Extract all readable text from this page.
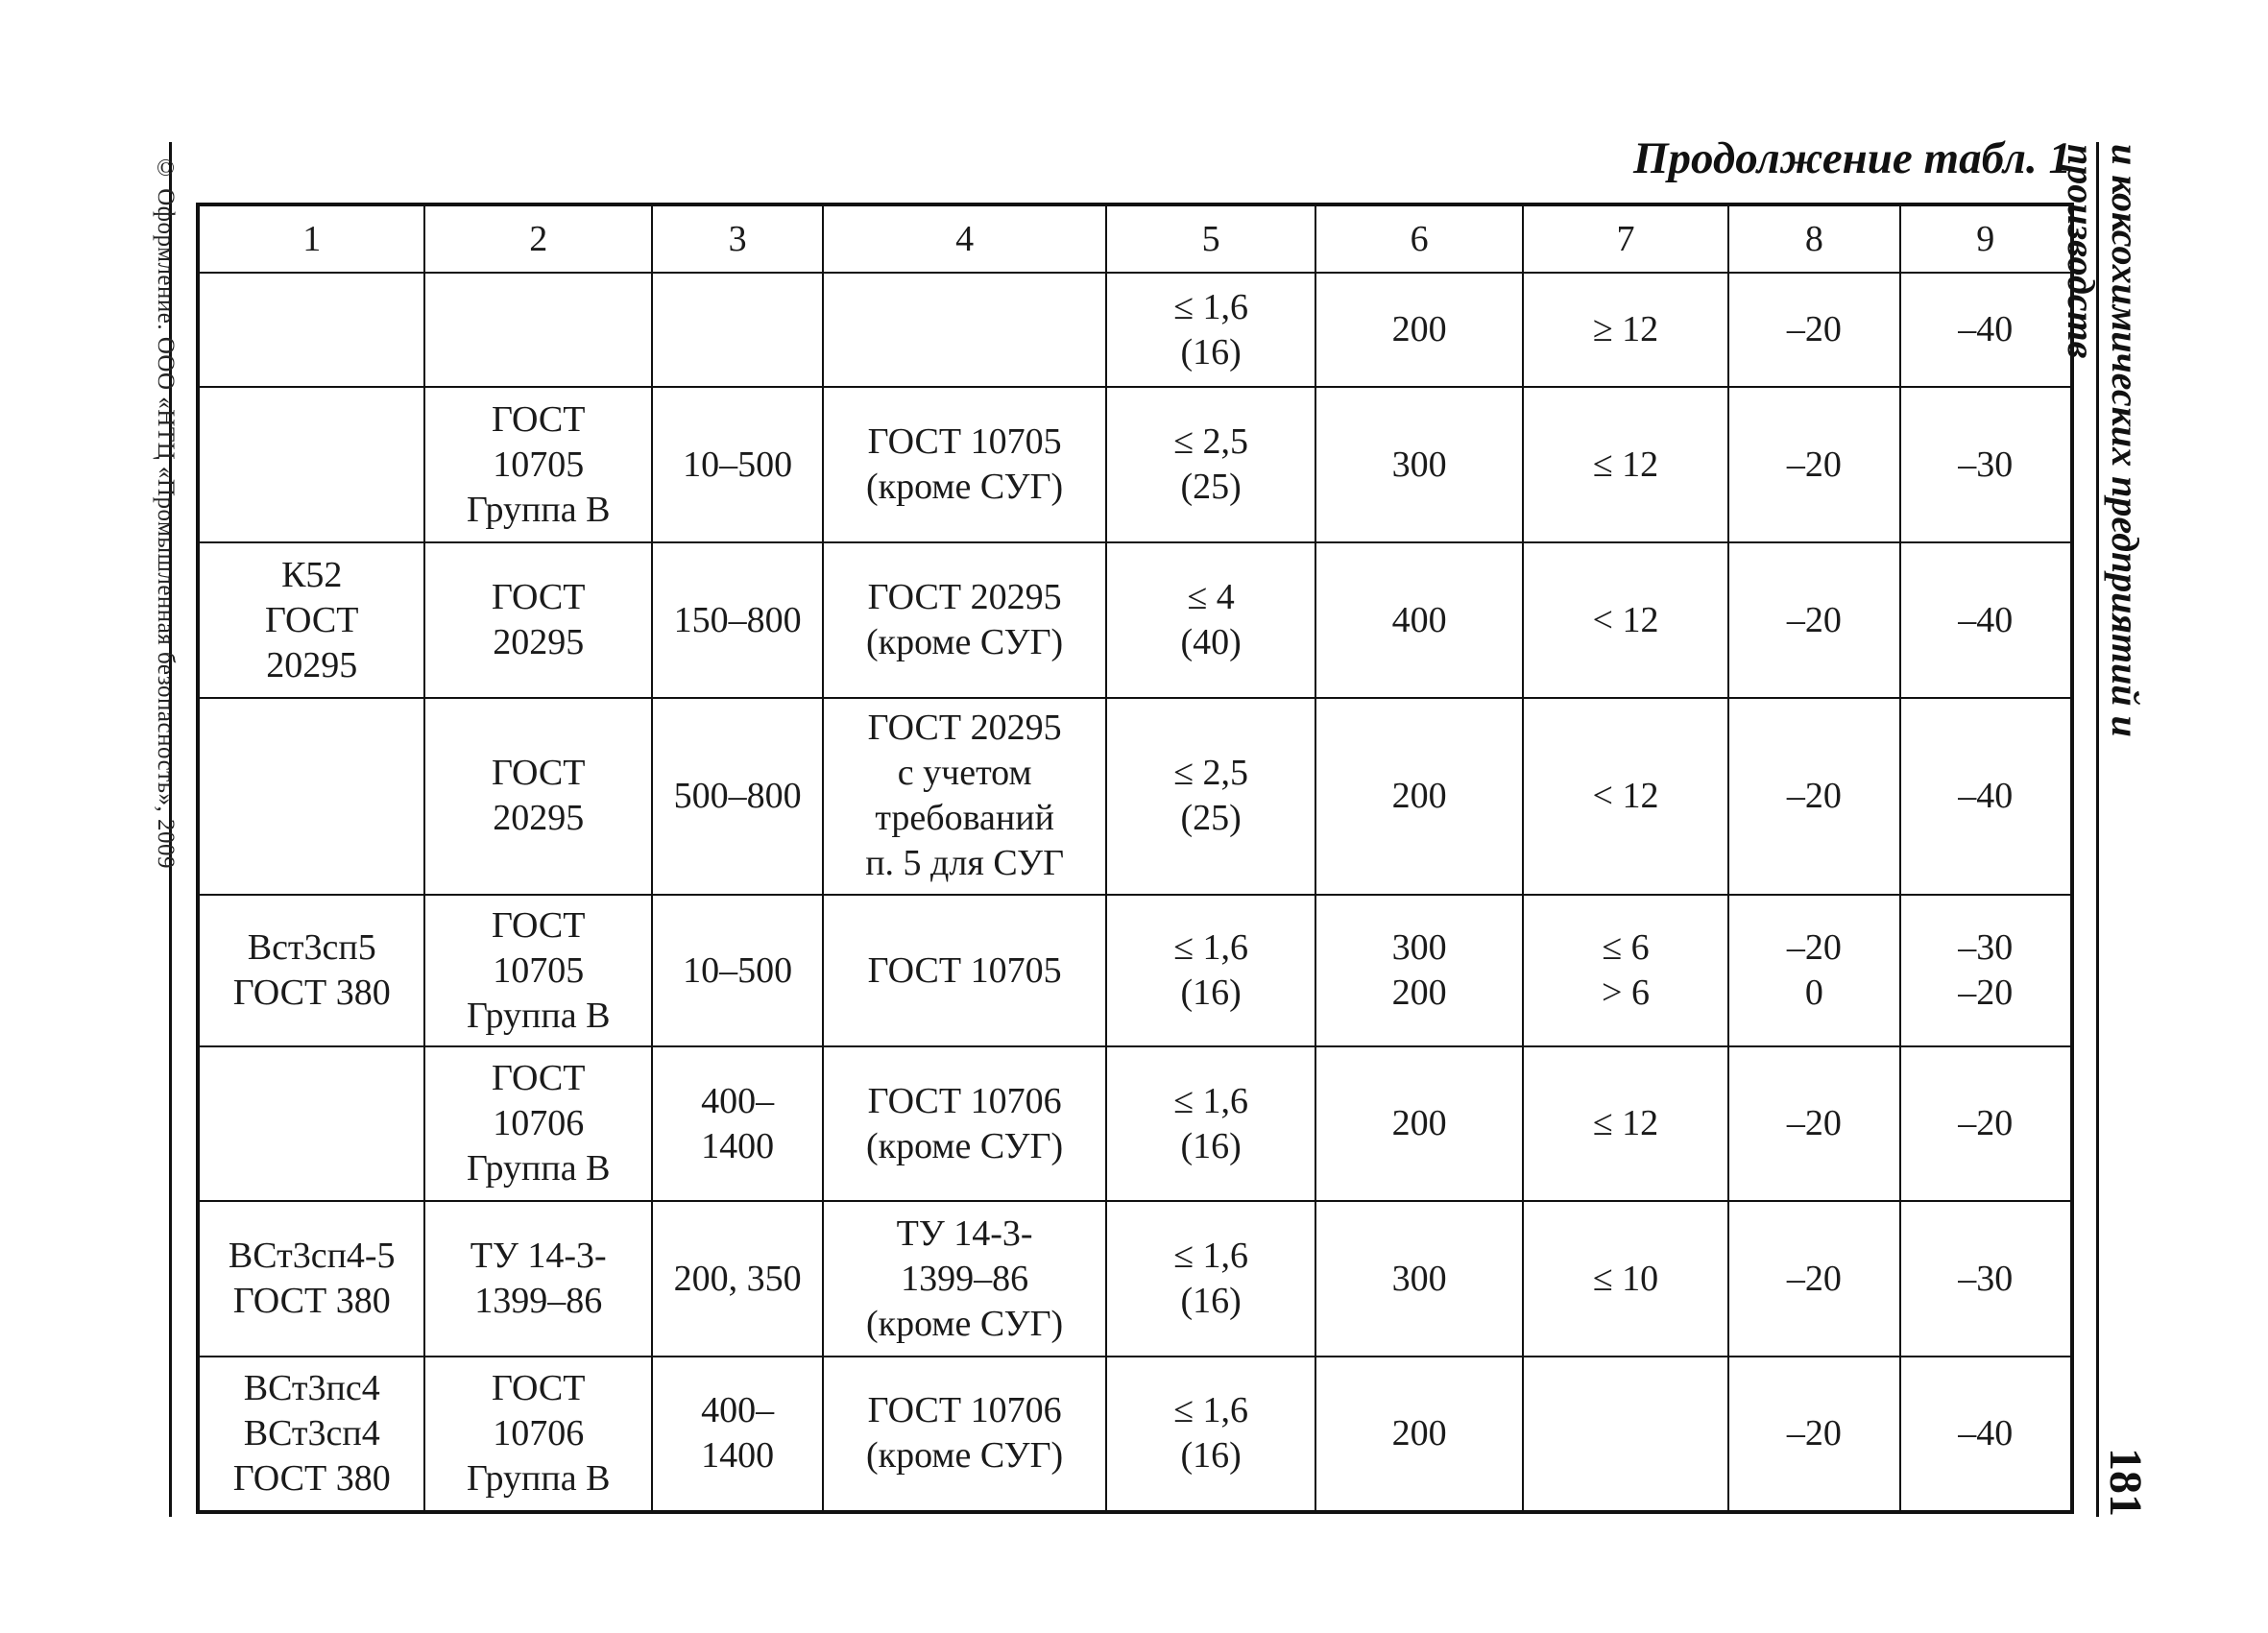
© Оформление. ООО «НТЦ «Промышленная безопасность», 2009	и коксохимических предприятий и производств
181
Продолжение табл. 1
1	2	3	4	5	6	7	8	9
				≤ 1,6
(16)	200	≥ 12	–20	–40
	ГОСТ
10705
Группа В	10–500	ГОСТ 10705
(кроме СУГ)	≤ 2,5
(25)	300	≤ 12	–20	–30
К52
ГОСТ
20295	ГОСТ
20295	150–800	ГОСТ 20295
(кроме СУГ)	≤ 4
(40)	400	< 12	–20	–40
	ГОСТ
20295	500–800	ГОСТ 20295
с учетом
требований
п. 5 для СУГ	≤ 2,5
(25)	200	< 12	–20	–40
Вст3сп5
ГОСТ 380	ГОСТ
10705
Группа В	10–500	ГОСТ 10705	≤ 1,6
(16)	300
200	≤ 6
> 6	–20
0	–30
–20
	ГОСТ
10706
Группа В	400–
1400	ГОСТ 10706
(кроме СУГ)	≤ 1,6
(16)	200	≤ 12	–20	–20
ВСт3сп4-5
ГОСТ 380	ТУ 14-3-
1399–86	200, 350	ТУ 14-3-
1399–86
(кроме СУГ)	≤ 1,6
(16)	300	≤ 10	–20	–30
ВСт3пс4
ВСт3сп4
ГОСТ 380	ГОСТ
10706
Группа В	400–
1400	ГОСТ 10706
(кроме СУГ)	≤ 1,6
(16)	200		–20	–40
